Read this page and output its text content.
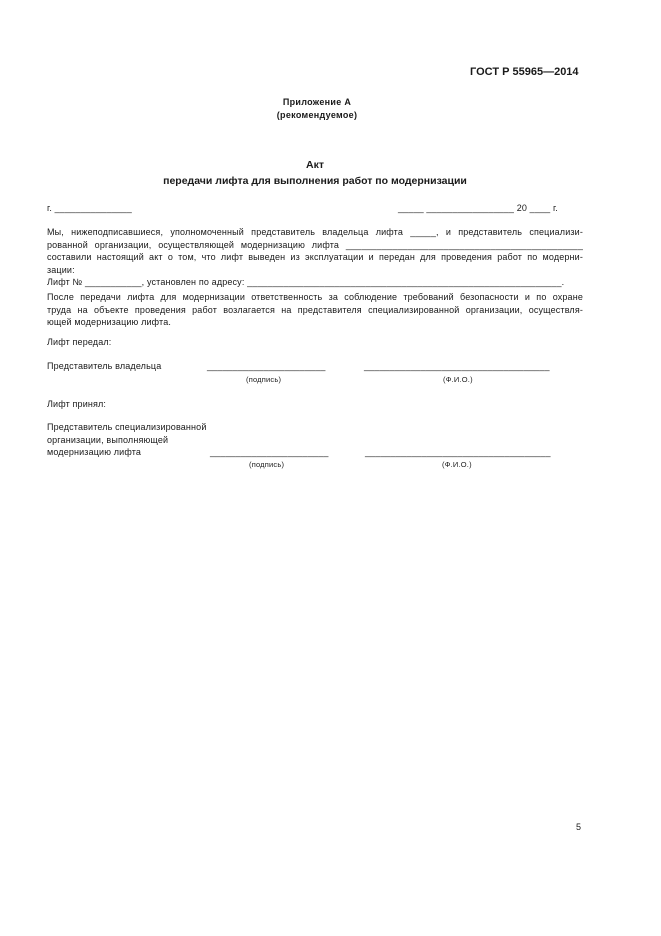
ГОСТ Р 55965—2014
Приложение А
(рекомендуемое)
Акт
передачи лифта для выполнения работ по модернизации
г. _______________	_____ _________________ 20 ____ г.
Мы, нижеподписавшиеся, уполномоченный представитель владельца лифта _____, и представитель специализи-
рованной организации, осуществляющей модернизацию лифта ______________________________________________
составили настоящий акт о том, что лифт выведен из эксплуатации и передан для проведения работ по модерни-
зации:
Лифт № ___________, установлен по адресу: _____________________________________________________________.
После передачи лифта для модернизации ответственность за соблюдение требований безопасности и по охране
труда на объекте проведения работ возлагается на представителя специализированной организации, осуществля-
ющей модернизацию лифта.
Лифт передал:
Представитель владельца	_______________________	____________________________________
(подпись)	(Ф.И.О.)
Лифт принял:
Представитель специализированной
организации, выполняющей
модернизацию лифта	_______________________	____________________________________
(подпись)	(Ф.И.О.)
5
